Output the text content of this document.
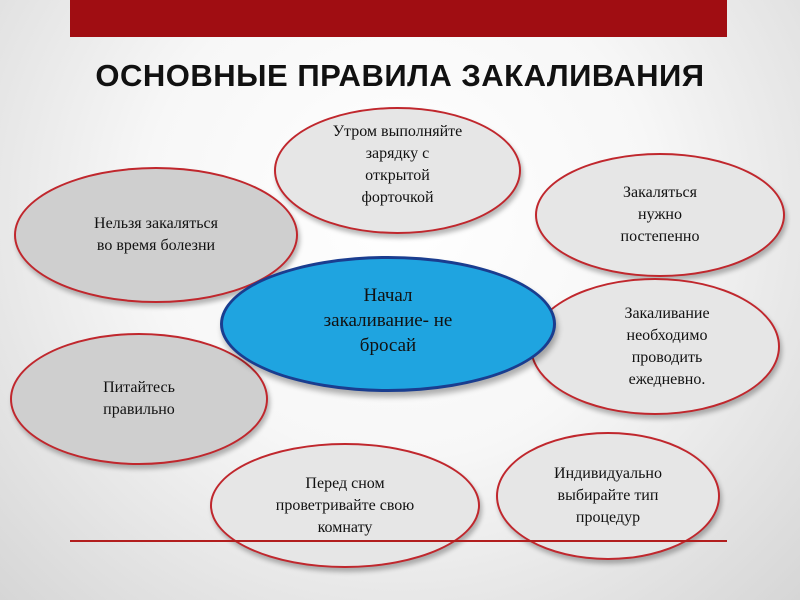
ОСНОВНЫЕ ПРАВИЛА ЗАКАЛИВАНИЯ
Утром выполняйте
зарядку с
открытой
форточкой
Нельзя закаляться
во время болезни
Закаляться
нужно
постепенно
Закаливание
необходимо
проводить
ежедневно.
Питайтесь
правильно
Перед сном
проветривайте свою
комнату
Индивидуально
выбирайте тип
процедур
Начал
закаливание- не
бросай
